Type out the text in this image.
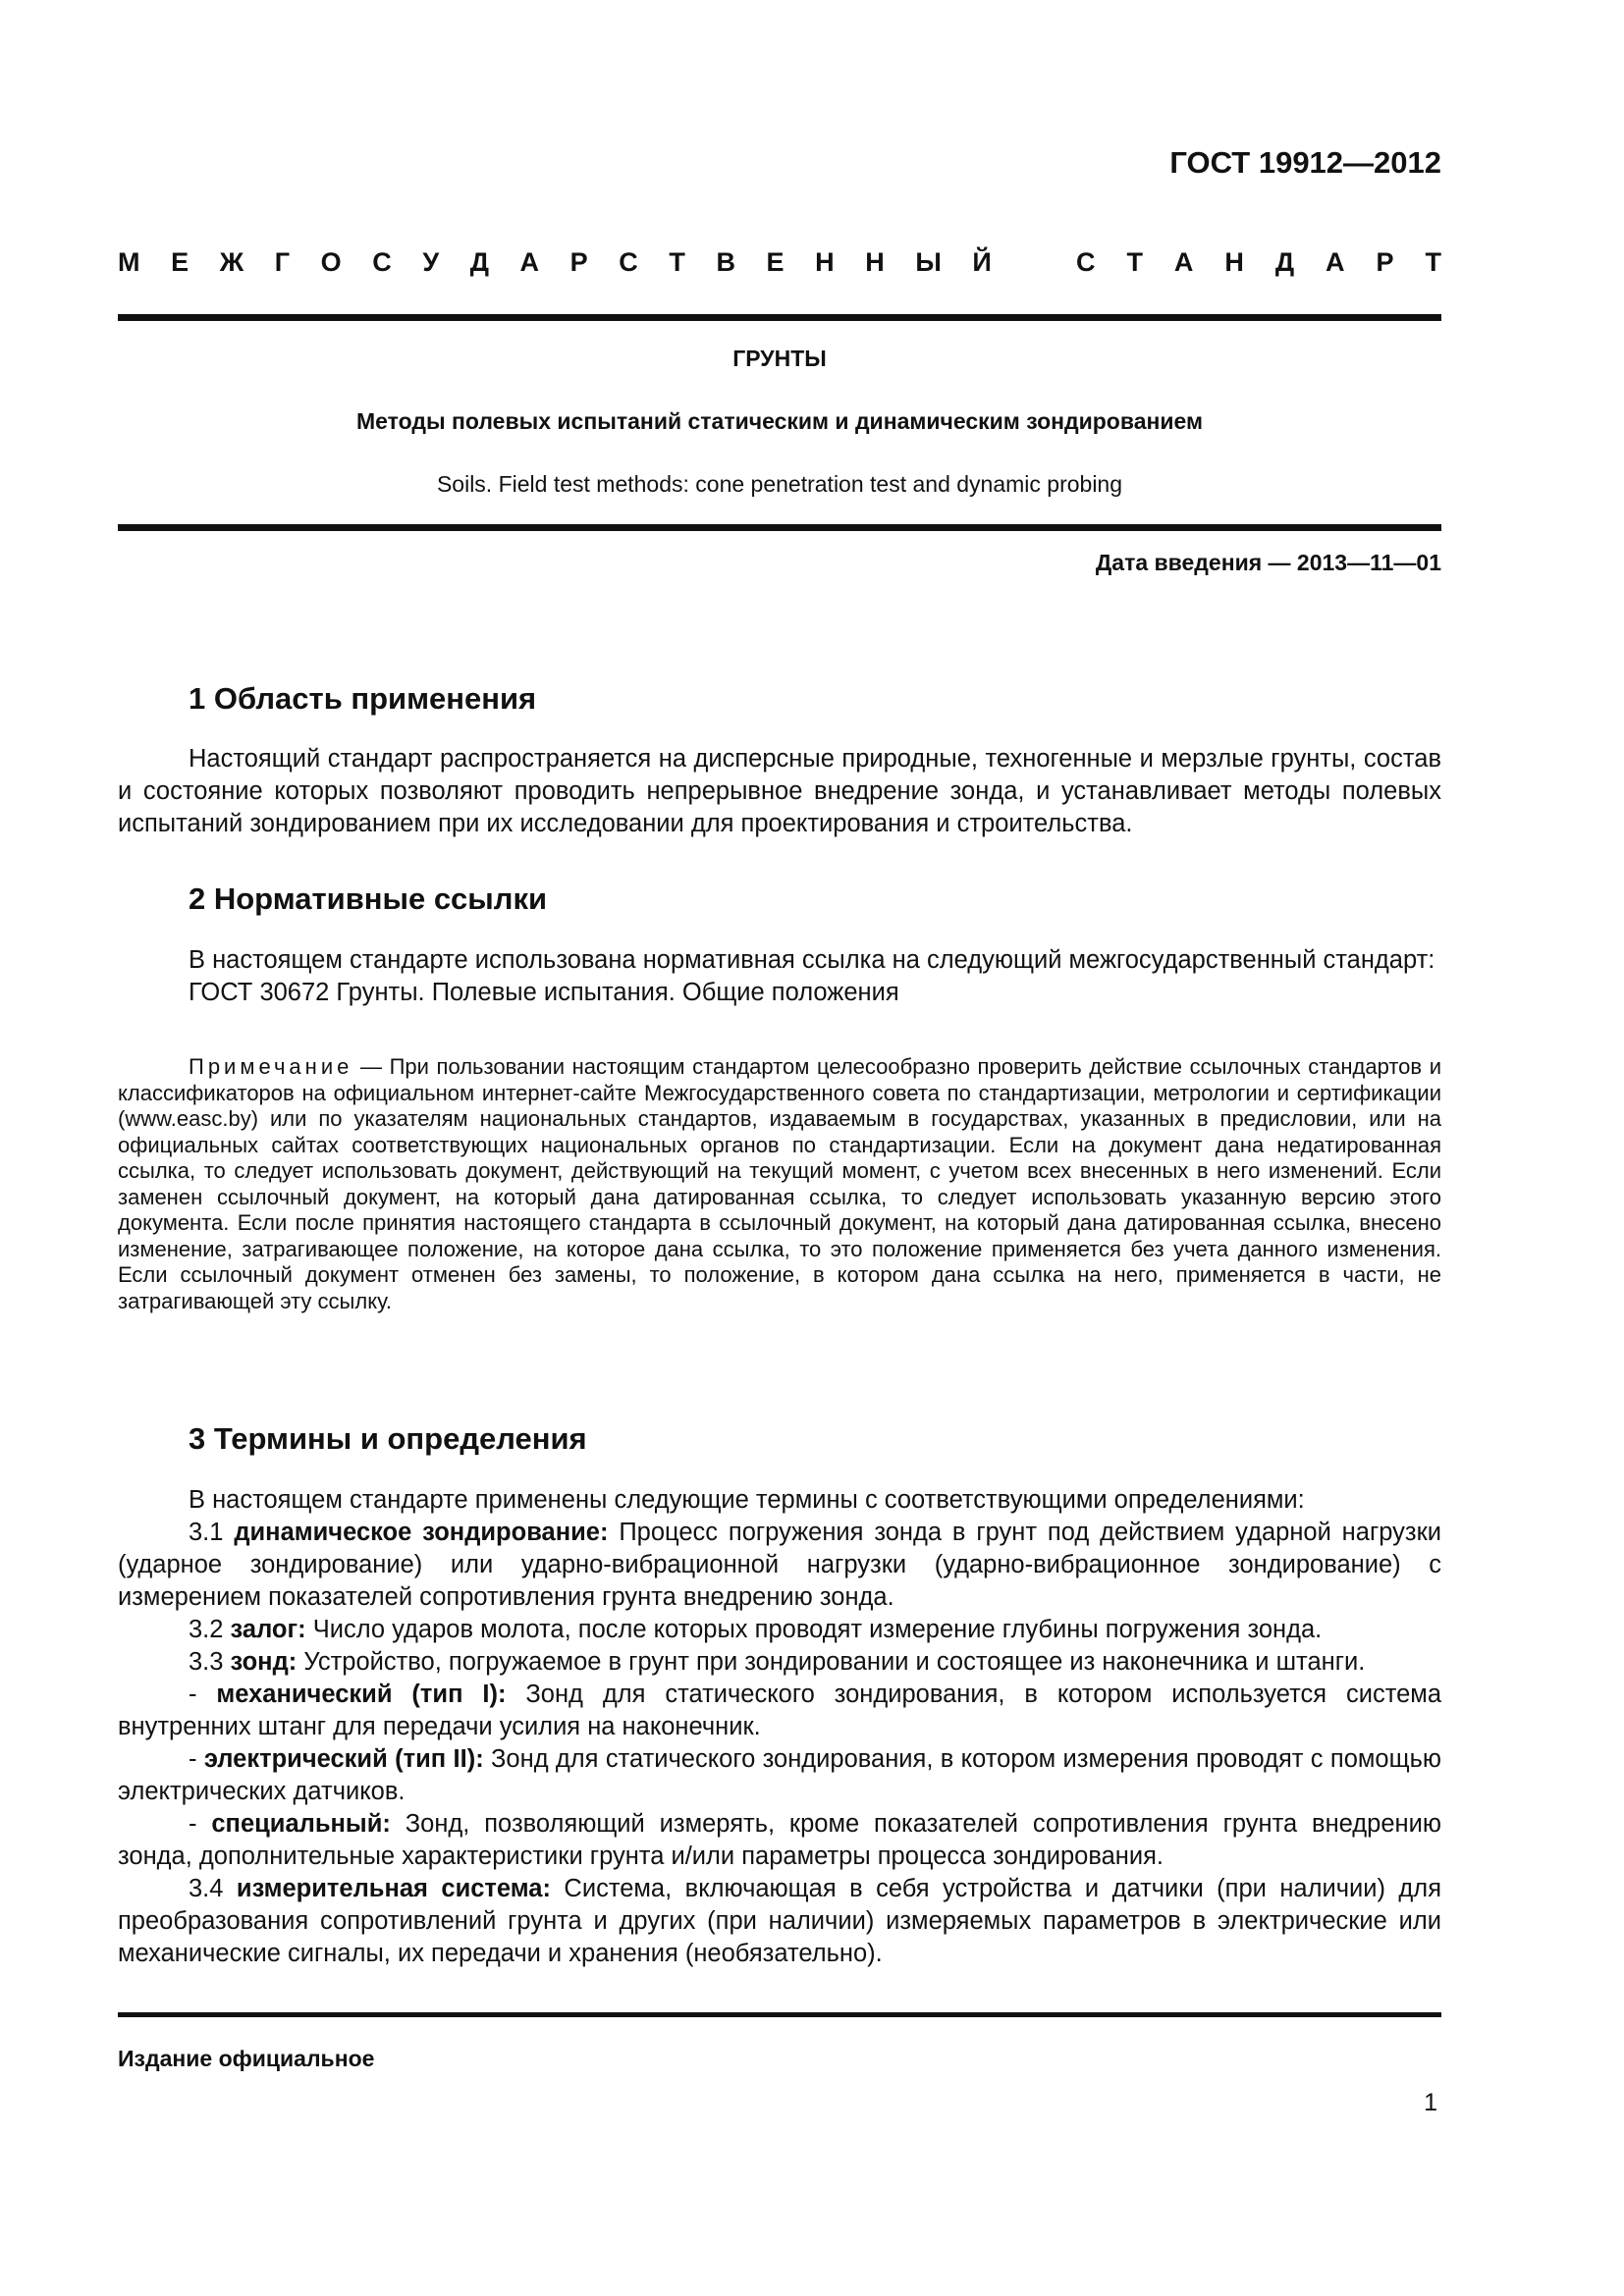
ГОСТ 19912—2012
М Е Ж Г О С У Д А Р С Т В Е Н Н Ы Й	С Т А Н Д А Р Т
ГРУНТЫ
Методы полевых испытаний статическим и динамическим зондированием
Soils. Field test methods: cone penetration test and dynamic probing
Дата введения — 2013—11—01
1 Область применения

Настоящий стандарт распространяется на дисперсные природные, техногенные и мерзлые грунты, состав и состояние которых позволяют проводить непрерывное внедрение зонда, и устанавливает методы полевых испытаний зондированием при их исследовании для проектирования и строительства.

2 Нормативные ссылки

В настоящем стандарте использована нормативная ссылка на следующий межгосударственный стандарт:

ГОСТ 30672 Грунты. Полевые испытания. Общие положения

Примечание — При пользовании настоящим стандартом целесообразно проверить действие ссылочных стандартов и классификаторов на официальном интернет-сайте Межгосударственного совета по стандартизации, метрологии и сертификации (www.easc.by) или по указателям национальных стандартов, издаваемым в государствах, указанных в предисловии, или на официальных сайтах соответствующих национальных органов по стандартизации. Если на документ дана недатированная ссылка, то следует использовать документ, действующий на текущий момент, с учетом всех внесенных в него изменений. Если заменен ссылочный документ, на который дана датированная ссылка, то следует использовать указанную версию этого документа. Если после принятия настоящего стандарта в ссылочный документ, на который дана датированная ссылка, внесено изменение, затрагивающее положение, на которое дана ссылка, то это положение применяется без учета данного изменения. Если ссылочный документ отменен без замены, то положение, в котором дана ссылка на него, применяется в части, не затрагивающей эту ссылку.

3 Термины и определения

В настоящем стандарте применены следующие термины с соответствующими определениями:

3.1 динамическое зондирование: Процесс погружения зонда в грунт под действием ударной нагрузки (ударное зондирование) или ударно-вибрационной нагрузки (ударно-вибрационное зондирование) с измерением показателей сопротивления грунта внедрению зонда.

3.2 залог: Число ударов молота, после которых проводят измерение глубины погружения зонда.

3.3 зонд: Устройство, погружаемое в грунт при зондировании и состоящее из наконечника и штанги.

- механический (тип I): Зонд для статического зондирования, в котором используется система внутренних штанг для передачи усилия на наконечник.

- электрический (тип II): Зонд для статического зондирования, в котором измерения проводят с помощью электрических датчиков.

- специальный: Зонд, позволяющий измерять, кроме показателей сопротивления грунта внедрению зонда, дополнительные характеристики грунта и/или параметры процесса зондирования.

3.4 измерительная система: Система, включающая в себя устройства и датчики (при наличии) для преобразования сопротивлений грунта и других (при наличии) измеряемых параметров в электрические или механические сигналы, их передачи и хранения (необязательно).

Издание официальное
1
